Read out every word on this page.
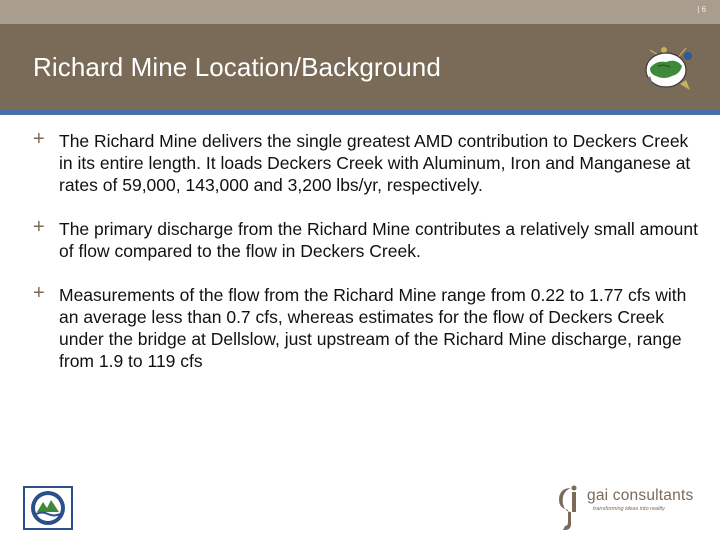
| 6
Richard Mine Location/Background
+ The Richard Mine delivers the single greatest AMD contribution to Deckers Creek in its entire length. It loads Deckers Creek with Aluminum, Iron and Manganese at rates of 59,000, 143,000 and 3,200 lbs/yr, respectively.
+ The primary discharge from the Richard Mine contributes a relatively small amount of flow compared to the flow in Deckers Creek.
+ Measurements of the flow from the Richard Mine range from 0.22 to 1.77 cfs with an average less than 0.7 cfs, whereas estimates for the flow of Deckers Creek under the bridge at Dellslow, just upstream of the Richard Mine discharge, range from 1.9 to 119 cfs
gai consultants
transforming ideas into reality
